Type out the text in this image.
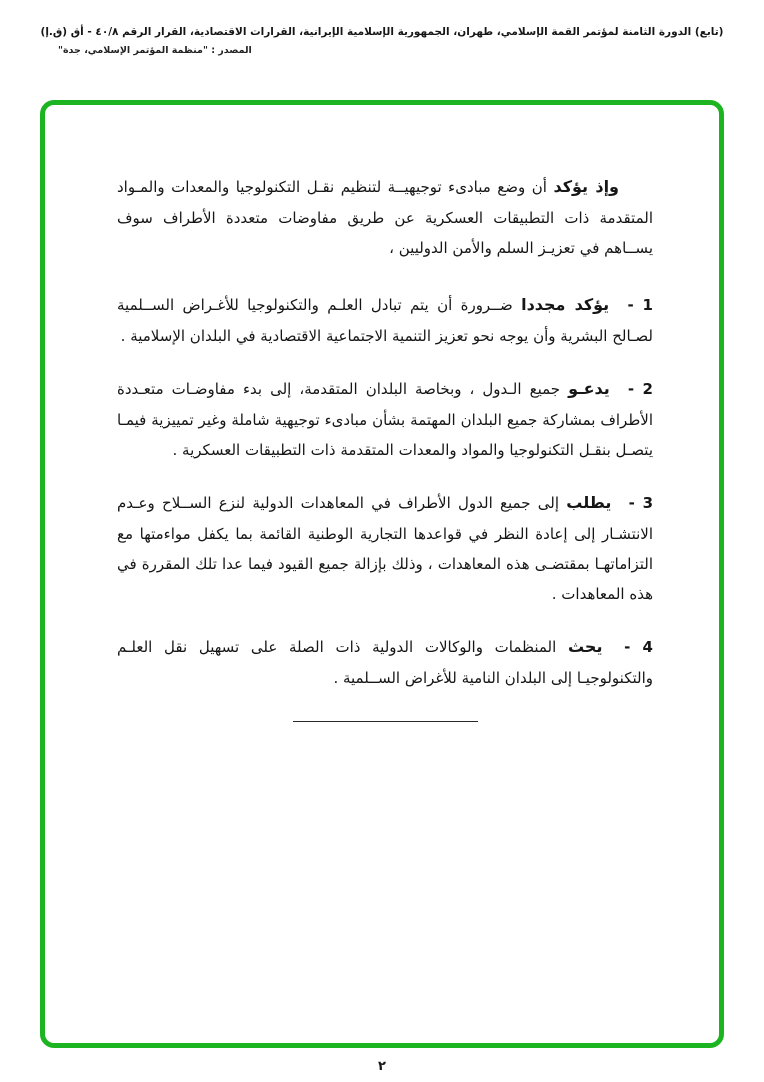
(تابع) الدورة الثامنة لمؤتمر القمة الإسلامي، طهران، الجمهورية الإسلامية الإيرانية، القرارات الاقتصادية، القرار الرقم ٤٠/٨ - أق (ق.إ)
المصدر : "منظمة المؤتمر الإسلامي، جدة"

وإذ يؤكد أن وضع مبادىء توجيهيــة لتنظيم نقـل التكنولوجيا والمعدات والمـواد المتقدمة ذات التطبيقات العسكرية عن طريق مفاوضات متعددة الأطراف سوف يســاهم في تعزيـز السلم والأمن الدوليين ،

1 - يؤكد مجددا ضــرورة أن يتم تبادل العلـم والتكنولوجيا للأغـراض الســلمية لصـالح البشرية وأن يوجه نحو تعزيز التنمية الاجتماعية الاقتصادية في البلدان الإسلامية .

2 - يدعـو جميع الـدول ، وبخاصة البلدان المتقدمة، إلى بدء مفاوضـات متعـددة الأطراف بمشاركة جميع البلدان المهتمة بشأن مبادىء توجيهية شاملة وغير تمييزية فيمـا يتصـل بنقـل التكنولوجيا والمواد والمعدات المتقدمة ذات التطبيقات العسكرية .

3 - يطلب إلى جميع الدول الأطراف في المعاهدات الدولية لنزع الســلاح وعـدم الانتشـار إلى إعادة النظر في قواعدها التجارية الوطنية القائمة بما يكفل مواءمتها مع التزاماتهـا بمقتضـى هذه المعاهدات ، وذلك بإزالة جميع القيود فيما عدا تلك المقررة في هذه المعاهدات .

4 - يحث المنظمات والوكالات الدولية ذات الصلة على تسهيل نقل العلـم والتكنولوجيـا إلى البلدان النامية للأغراض الســلمية .

٢
